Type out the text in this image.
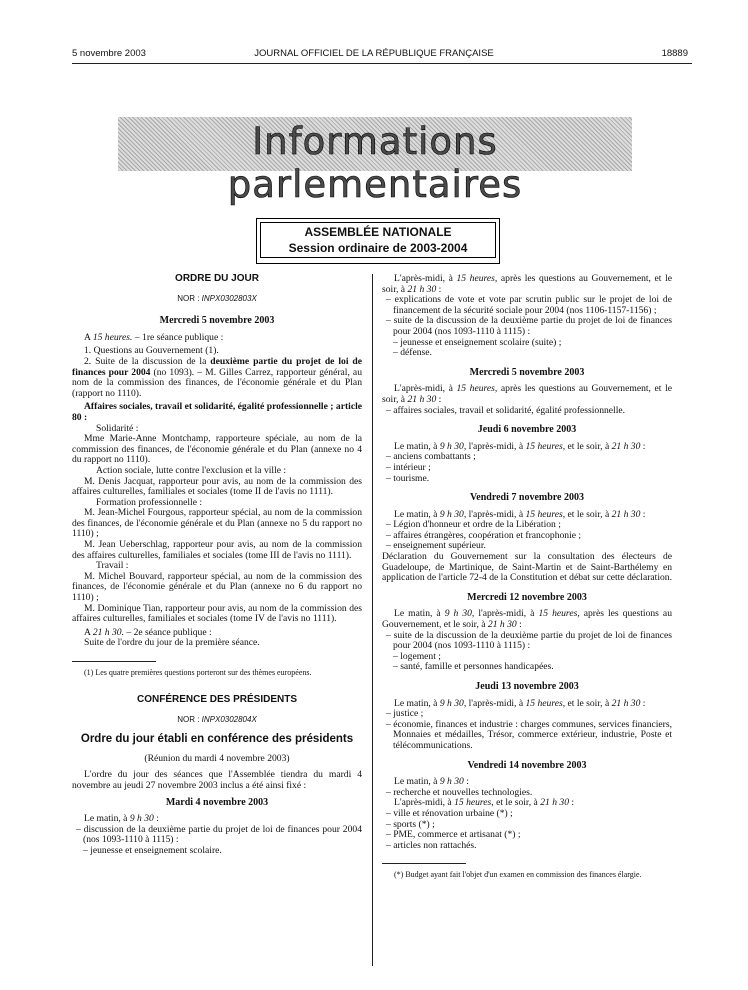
5 novembre 2003	JOURNAL OFFICIEL DE LA RÉPUBLIQUE FRANÇAISE	18889
Informations parlementaires
ASSEMBLÉE NATIONALE
Session ordinaire de 2003-2004

ORDRE DU JOUR

NOR : INPX0302803X

Mercredi 5 novembre 2003

A 15 heures. – 1re séance publique :

1. Questions au Gouvernement (1).

2. Suite de la discussion de la deuxième partie du projet de loi de finances pour 2004 (no 1093). – M. Gilles Carrez, rapporteur général, au nom de la commission des finances, de l'économie générale et du Plan (rapport no 1110).

Affaires sociales, travail et solidarité, égalité professionnelle ; article 80 :

Solidarité :

Mme Marie-Anne Montchamp, rapporteure spéciale, au nom de la commission des finances, de l'économie générale et du Plan (annexe no 4 du rapport no 1110).

Action sociale, lutte contre l'exclusion et la ville :

M. Denis Jacquat, rapporteur pour avis, au nom de la commission des affaires culturelles, familiales et sociales (tome II de l'avis no 1111).

Formation professionnelle :

M. Jean-Michel Fourgous, rapporteur spécial, au nom de la commission des finances, de l'économie générale et du Plan (annexe no 5 du rapport no 1110) ;

M. Jean Ueberschlag, rapporteur pour avis, au nom de la commission des affaires culturelles, familiales et sociales (tome III de l'avis no 1111).

Travail :

M. Michel Bouvard, rapporteur spécial, au nom de la commission des finances, de l'économie générale et du Plan (annexe no 6 du rapport no 1110) ;

M. Dominique Tian, rapporteur pour avis, au nom de la commission des affaires culturelles, familiales et sociales (tome IV de l'avis no 1111).

A 21 h 30. – 2e séance publique :

Suite de l'ordre du jour de la première séance.

(1) Les quatre premières questions porteront sur des thèmes européens.

CONFÉRENCE DES PRÉSIDENTS

NOR : INPX0302804X

Ordre du jour établi en conférence des présidents

(Réunion du mardi 4 novembre 2003)

L'ordre du jour des séances que l'Assemblée tiendra du mardi 4 novembre au jeudi 27 novembre 2003 inclus a été ainsi fixé :

Mardi 4 novembre 2003

Le matin, à 9 h 30 :

– discussion de la deuxième partie du projet de loi de finances pour 2004 (nos 1093-1110 à 1115) :

– jeunesse et enseignement scolaire.

L'après-midi, à 15 heures, après les questions au Gouvernement, et le soir, à 21 h 30 :

– explications de vote et vote par scrutin public sur le projet de loi de financement de la sécurité sociale pour 2004 (nos 1106-1157-1156) ;

– suite de la discussion de la deuxième partie du projet de loi de finances pour 2004 (nos 1093-1110 à 1115) :

– jeunesse et enseignement scolaire (suite) ;

– défense.

Mercredi 5 novembre 2003

L'après-midi, à 15 heures, après les questions au Gouvernement, et le soir, à 21 h 30 :

– affaires sociales, travail et solidarité, égalité professionnelle.

Jeudi 6 novembre 2003

Le matin, à 9 h 30, l'après-midi, à 15 heures, et le soir, à 21 h 30 :

– anciens combattants ;

– intérieur ;

– tourisme.

Vendredi 7 novembre 2003

Le matin, à 9 h 30, l'après-midi, à 15 heures, et le soir, à 21 h 30 :

– Légion d'honneur et ordre de la Libération ;

– affaires étrangères, coopération et francophonie ;

– enseignement supérieur.

Déclaration du Gouvernement sur la consultation des électeurs de Guadeloupe, de Martinique, de Saint-Martin et de Saint-Barthélemy en application de l'article 72-4 de la Constitution et débat sur cette déclaration.

Mercredi 12 novembre 2003

Le matin, à 9 h 30, l'après-midi, à 15 heures, après les questions au Gouvernement, et le soir, à 21 h 30 :

– suite de la discussion de la deuxième partie du projet de loi de finances pour 2004 (nos 1093-1110 à 1115) :

– logement ;

– santé, famille et personnes handicapées.

Jeudi 13 novembre 2003

Le matin, à 9 h 30, l'après-midi, à 15 heures, et le soir, à 21 h 30 :

– justice ;

– économie, finances et industrie : charges communes, services financiers, Monnaies et médailles, Trésor, commerce extérieur, industrie, Poste et télécommunications.

Vendredi 14 novembre 2003

Le matin, à 9 h 30 :

– recherche et nouvelles technologies.

L'après-midi, à 15 heures, et le soir, à 21 h 30 :

– ville et rénovation urbaine (*) ;

– sports (*) ;

– PME, commerce et artisanat (*) ;

– articles non rattachés.

(*) Budget ayant fait l'objet d'un examen en commission des finances élargie.
